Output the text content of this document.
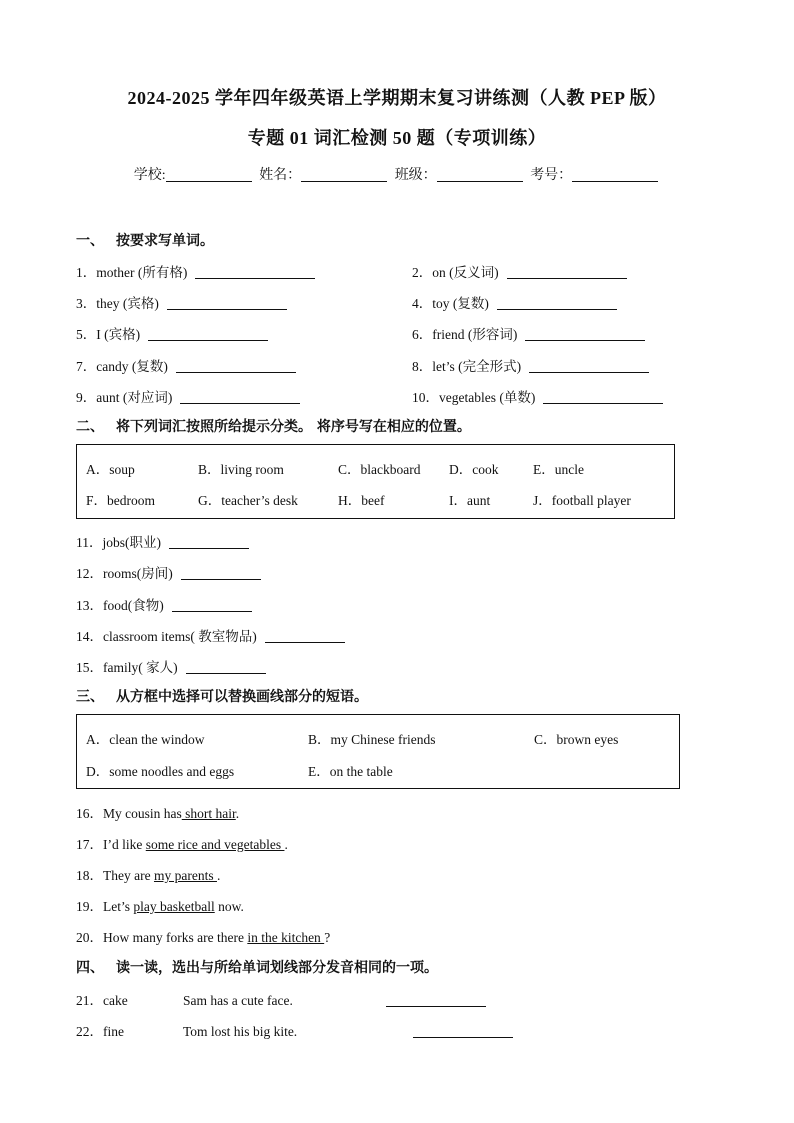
2024-2025 学年四年级英语上学期期末复习讲练测（人教 PEP 版）
专题 01 词汇检测 50 题（专项训练）
学校:	姓名：	班级：	考号：
一、 按要求写单词。
1．mother (所有格)	2．on (反义词)
3．they (宾格)	4．toy (复数)
5．I (宾格)	6．friend (形容词)
7．candy (复数)	8．let’s (完全形式)
9．aunt (对应词)	10．vegetables (单数)
二、 将下列词汇按照所给提示分类。 将序号写在相应的位置。
A．soup	B．living room	C．blackboard D．cook	E．uncle
F．bedroom	G．teacher’s desk	H．beef	I．aunt	J．football player
11．jobs(职业)
12．rooms(房间)
13．food(食物)
14．classroom items( 教室物品)
15．family( 家人)
三、 从方框中选择可以替换画线部分的短语。
A．clean the window	B．my Chinese friends	C．brown eyes
D．some noodles and eggs	E．on the table
16．My cousin has short hair.
17．I’d like some rice and vegetables .
18．They are my parents .
19．Let’s play basketball now.
20．How many forks are there in the kitchen ?
四、 读一读，选出与所给单词划线部分发音相同的一项。
21．cake	Sam has a cute face.
22．fine	Tom lost his big kite.
